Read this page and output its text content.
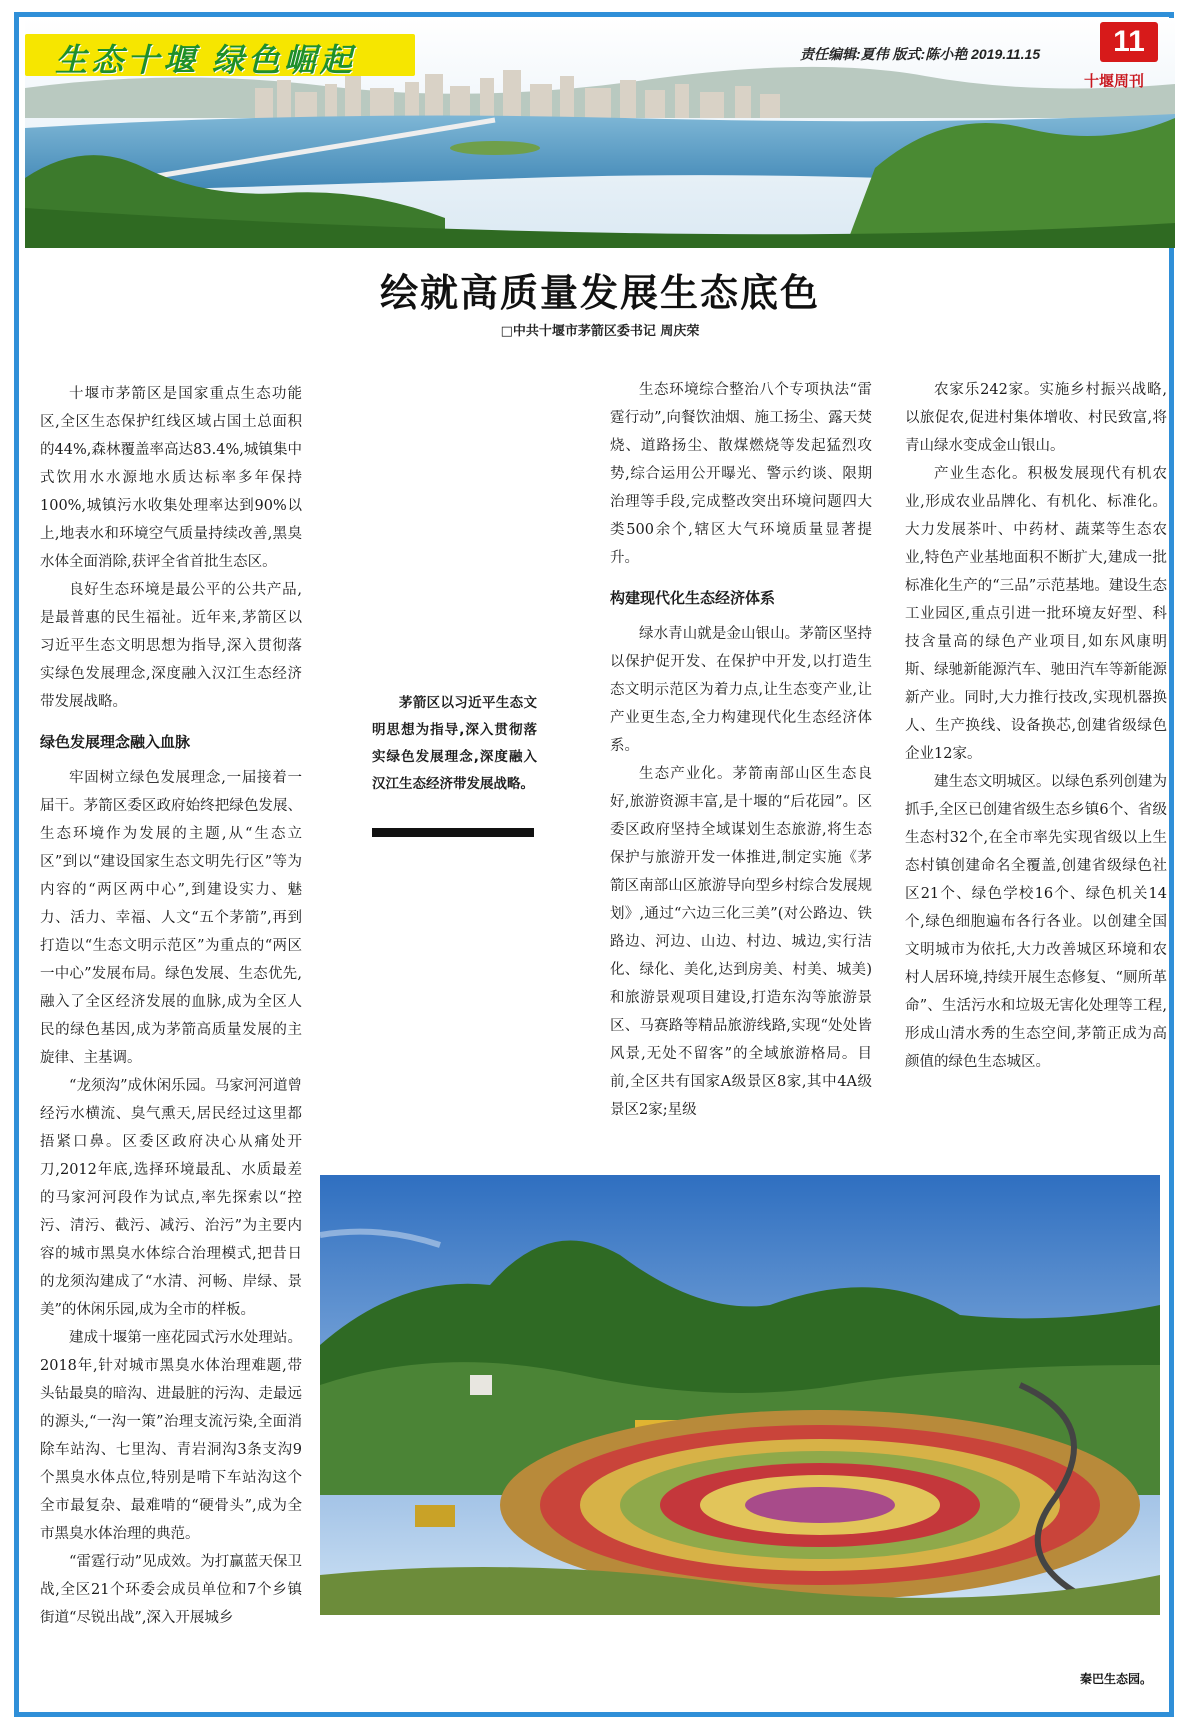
生态十堰 绿色崛起	责任编辑:夏伟 版式:陈小艳 2019.11.15	11
十堰周刊
绘就高质量发展生态底色
□中共十堰市茅箭区委书记 周庆荣

十堰市茅箭区是国家重点生态功能区,全区生态保护红线区域占国土总面积的44%,森林覆盖率高达83.4%,城镇集中式饮用水水源地水质达标率多年保持100%,城镇污水收集处理率达到90%以上,地表水和环境空气质量持续改善,黑臭水体全面消除,获评全省首批生态区。

良好生态环境是最公平的公共产品,是最普惠的民生福祉。近年来,茅箭区以习近平生态文明思想为指导,深入贯彻落实绿色发展理念,深度融入汉江生态经济带发展战略。

绿色发展理念融入血脉

牢固树立绿色发展理念,一届接着一届干。茅箭区委区政府始终把绿色发展、生态环境作为发展的主题,从“生态立区”到以“建设国家生态文明先行区”等为内容的“两区两中心”,到建设实力、魅力、活力、幸福、人文“五个茅箭”,再到打造以“生态文明示范区”为重点的“两区一中心”发展布局。绿色发展、生态优先,融入了全区经济发展的血脉,成为全区人民的绿色基因,成为茅箭高质量发展的主旋律、主基调。

“龙须沟”成休闲乐园。马家河河道曾经污水横流、臭气熏天,居民经过这里都捂紧口鼻。区委区政府决心从痛处开刀,2012年底,选择环境最乱、水质最差的马家河河段作为试点,率先探索以“控污、清污、截污、减污、治污”为主要内容的城市黑臭水体综合治理模式,把昔日的龙须沟建成了“水清、河畅、岸绿、景美”的休闲乐园,成为全市的样板。

建成十堰第一座花园式污水处理站。2018年,针对城市黑臭水体治理难题,带头钻最臭的暗沟、进最脏的污沟、走最远的源头,“一沟一策”治理支流污染,全面消除车站沟、七里沟、青岩洞沟3条支沟9个黑臭水体点位,特别是啃下车站沟这个全市最复杂、最难啃的“硬骨头”,成为全市黑臭水体治理的典范。

“雷霆行动”见成效。为打赢蓝天保卫战,全区21个环委会成员单位和7个乡镇街道“尽锐出战”,深入开展城乡

茅箭区以习近平生态文明思想为指导,深入贯彻落实绿色发展理念,深度融入汉江生态经济带发展战略。

生态环境综合整治八个专项执法“雷霆行动”,向餐饮油烟、施工扬尘、露天焚烧、道路扬尘、散煤燃烧等发起猛烈攻势,综合运用公开曝光、警示约谈、限期治理等手段,完成整改突出环境问题四大类500余个,辖区大气环境质量显著提升。

构建现代化生态经济体系

绿水青山就是金山银山。茅箭区坚持以保护促开发、在保护中开发,以打造生态文明示范区为着力点,让生态变产业,让产业更生态,全力构建现代化生态经济体系。

生态产业化。茅箭南部山区生态良好,旅游资源丰富,是十堰的“后花园”。区委区政府坚持全域谋划生态旅游,将生态保护与旅游开发一体推进,制定实施《茅箭区南部山区旅游导向型乡村综合发展规划》,通过“六边三化三美”(对公路边、铁路边、河边、山边、村边、城边,实行洁化、绿化、美化,达到房美、村美、城美)和旅游景观项目建设,打造东沟等旅游景区、马赛路等精品旅游线路,实现“处处皆风景,无处不留客”的全域旅游格局。目前,全区共有国家A级景区8家,其中4A级景区2家;星级

农家乐242家。实施乡村振兴战略,以旅促农,促进村集体增收、村民致富,将青山绿水变成金山银山。

产业生态化。积极发展现代有机农业,形成农业品牌化、有机化、标准化。大力发展茶叶、中药材、蔬菜等生态农业,特色产业基地面积不断扩大,建成一批标准化生产的“三品”示范基地。建设生态工业园区,重点引进一批环境友好型、科技含量高的绿色产业项目,如东风康明斯、绿驰新能源汽车、驰田汽车等新能源新产业。同时,大力推行技改,实现机器换人、生产换线、设备换芯,创建省级绿色企业12家。

建生态文明城区。以绿色系列创建为抓手,全区已创建省级生态乡镇6个、省级生态村32个,在全市率先实现省级以上生态村镇创建命名全覆盖,创建省级绿色社区21个、绿色学校16个、绿色机关14个,绿色细胞遍布各行各业。以创建全国文明城市为依托,大力改善城区环境和农村人居环境,持续开展生态修复、“厕所革命”、生活污水和垃圾无害化处理等工程,形成山清水秀的生态空间,茅箭正成为高颜值的绿色生态城区。

秦巴生态园。
